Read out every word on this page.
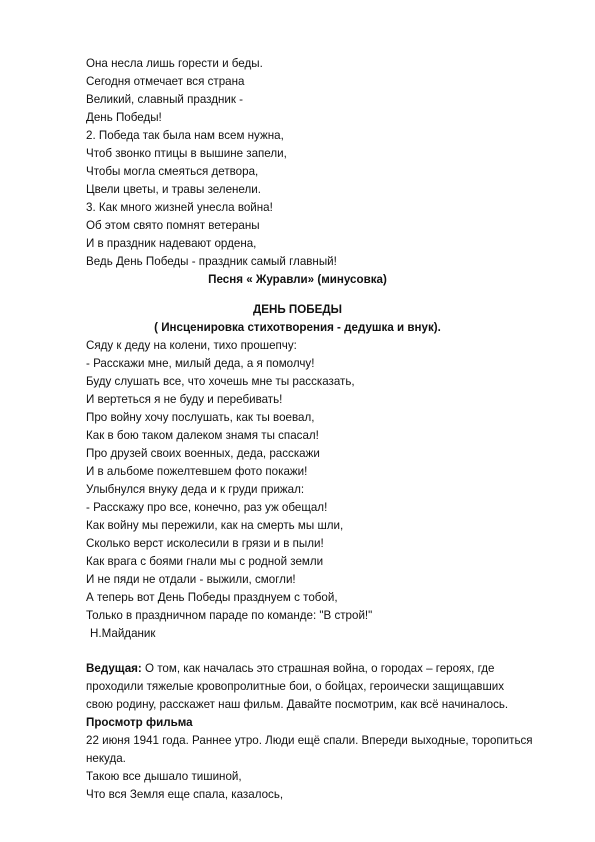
Она несла лишь горести и беды.
Сегодня отмечает вся страна
Великий, славный праздник -
День Победы!
2. Победа так была нам всем нужна,
Чтоб звонко птицы в вышине запели,
Чтобы могла смеяться детвора,
Цвели цветы, и травы зеленели.
3. Как много жизней унесла война!
Об этом свято помнят ветераны
И в праздник надевают ордена,
Ведь День Победы - праздник самый главный!
Песня « Журавли» (минусовка)
ДЕНЬ ПОБЕДЫ
( Инсценировка стихотворения - дедушка и внук).
Сяду к деду на колени, тихо прошепчу:
- Расскажи мне, милый деда, а я помолчу!
Буду слушать все, что хочешь мне ты рассказать,
И вертеться я не буду и перебивать!
Про войну хочу послушать, как ты воевал,
Как в бою таком далеком знамя ты спасал!
Про друзей своих военных, деда, расскажи
И в альбоме пожелтевшем фото покажи!
Улыбнулся внуку деда и к груди прижал:
- Расскажу про все, конечно, раз уж обещал!
Как войну мы пережили, как на смерть мы шли,
Сколько верст исколесили в грязи и в пыли!
Как врага с боями гнали мы с родной земли
И не пяди не отдали - выжили, смогли!
А теперь вот День Победы празднуем с тобой,
Только в праздничном параде по команде: "В строй!"
Н.Майданик
Ведущая: О том, как началась это страшная война, о городах – героях, где
проходили тяжелые кровопролитные бои, о бойцах, героически защищавших
свою родину, расскажет наш фильм. Давайте посмотрим, как всё начиналось.
Просмотр фильма
22 июня 1941 года. Раннее утро. Люди ещё спали. Впереди выходные, торопиться
некуда.
Такою все дышало тишиной,
Что вся Земля еще спала, казалось,
